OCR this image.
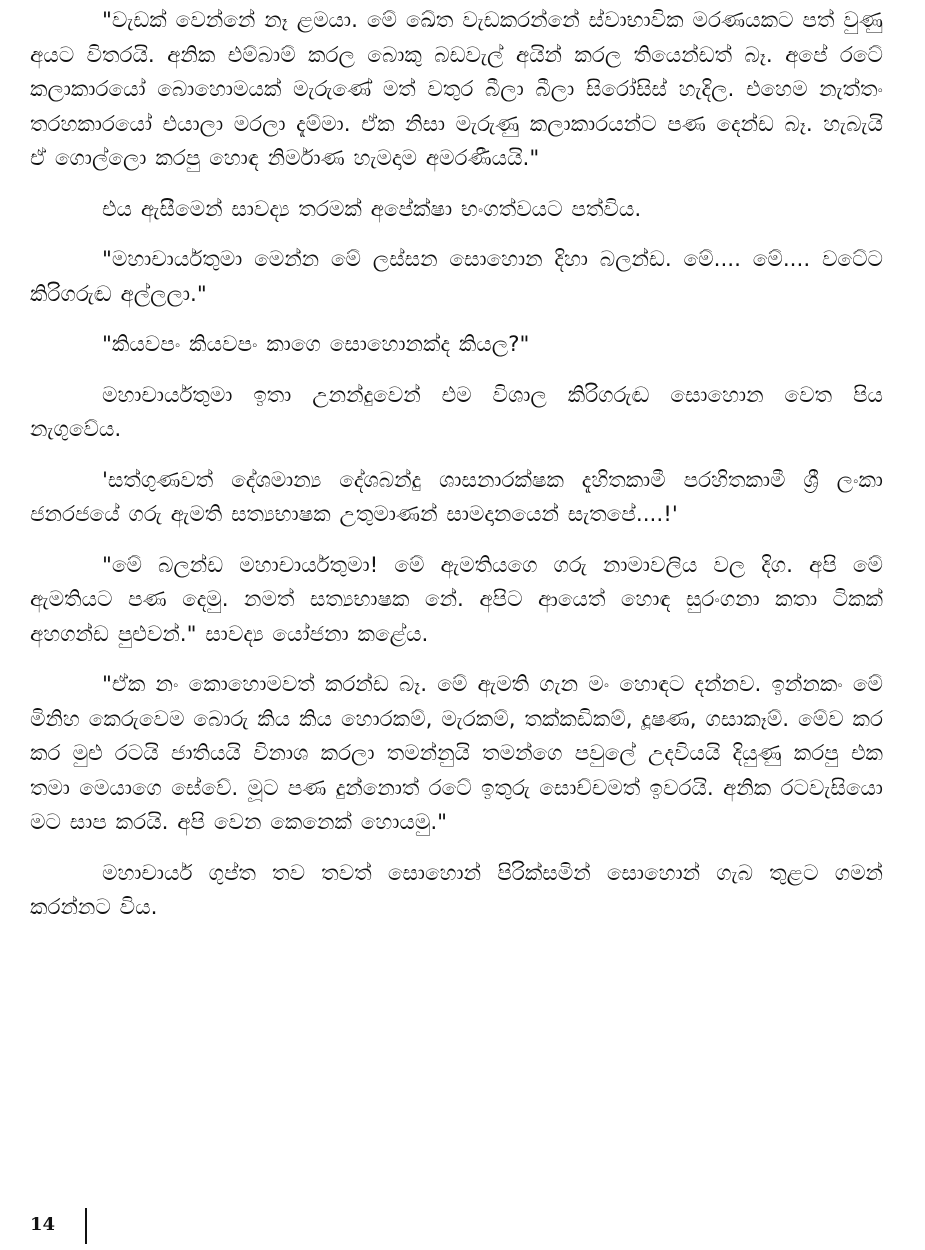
"වැඩක් වෙන්නේ නෑ ළමයා. මේ ඛේත වැඩකරන්නේ ස්වාභාවික මරණයකට පත් වුණු අයට විතරයි. අනික එම්බාම් කරල බොකු බඩවැල් අයින් කරල තියෙන්ඩත් බෑ. අපේ රටේ කලාකාරයෝ බොහොමයක් මැරුණේ මත් වතුර බීලා බීලා සිරෝසිස් හැදිල. එහෙම නැත්තං තරහකාරයෝ එයාලා මරලා දැම්මා. ඒක නිසා මැරුණු කලාකාරයන්ට පණ දෙන්ඩ බෑ. හැබැයි ඒ ගොල්ලො කරපු හොඳ නිර්මාණ හැමදාම අමරණීයයි."

එය ඇසීමෙන් සාවද්‍ය තරමක් අපේක්ෂා භංගත්වයට පත්විය.

"මහාචාර්යතුමා මෙන්න මේ ලස්සන සොහොන දිහා බලන්ඩ. මේ.... මේ.... වටේට කිරිගරුඬ අල්ලලා."

"කියවපං කියවපං කාගෙ සොහොනක්ද කියල?"

මහාචාර්යතුමා ඉතා උනන්දුවෙන් එම විශාල කිරිගරුඬ සොහොන වෙත පිය නැගුවේය.

'සත්ගුණවත් දේශමාන්‍ය දේශබන්දු ශාසනාරක්ෂක දැහිතකාමී පරහිතකාමී ශ්‍රී ලංකා ජනරජයේ ගරු ඇමති සත්‍යභාෂක උතුමාණන් සාමදානයෙන් සැතපේ....!'

"මේ බලන්ඩ මහාචාර්යතුමා! මේ ඇමතියගෙ ගරු නාමාවලිය වල දිග. අපි මේ ඇමතියට පණ දෙමු. නමත් සත්‍යභාෂක නේ. අපිට ආයෙත් හොඳ සුරංගනා කතා ටිකක් අහගන්ඩ පුළුවන්." සාවද්‍ය යෝජනා කළේය.

"ඒක නං කොහොමවත් කරන්ඩ බෑ. මේ ඇමති ගැන මං හොඳට දන්නව. ඉන්නකං මේ මිනිහ කෙරුවෙම බොරු කිය කිය හොරකම්, මැරකම්, තක්කඩිකම්, දූෂණ, ගසාකෑම්. මේව කර කර මුළු රටයි ජාතියයි විනාශ කරලා තමන්නුයි තමන්ගෙ පවුලේ උදවියයි දියුණු කරපු එක තමා මෙයාගෙ සේවේ. මූට පණ දුන්නොත් රටේ ඉතුරු සොච්චමත් ඉවරයි. අනික රටවැසියො මට සාප කරයි. අපි වෙන කෙනෙක් හොයමු."

මහාචාර්ය ගුප්ත තව තවත් සොහොන් පිරික්සමින් සොහොන් ගැබ තුළට ගමන් කරන්නට විය.

14
